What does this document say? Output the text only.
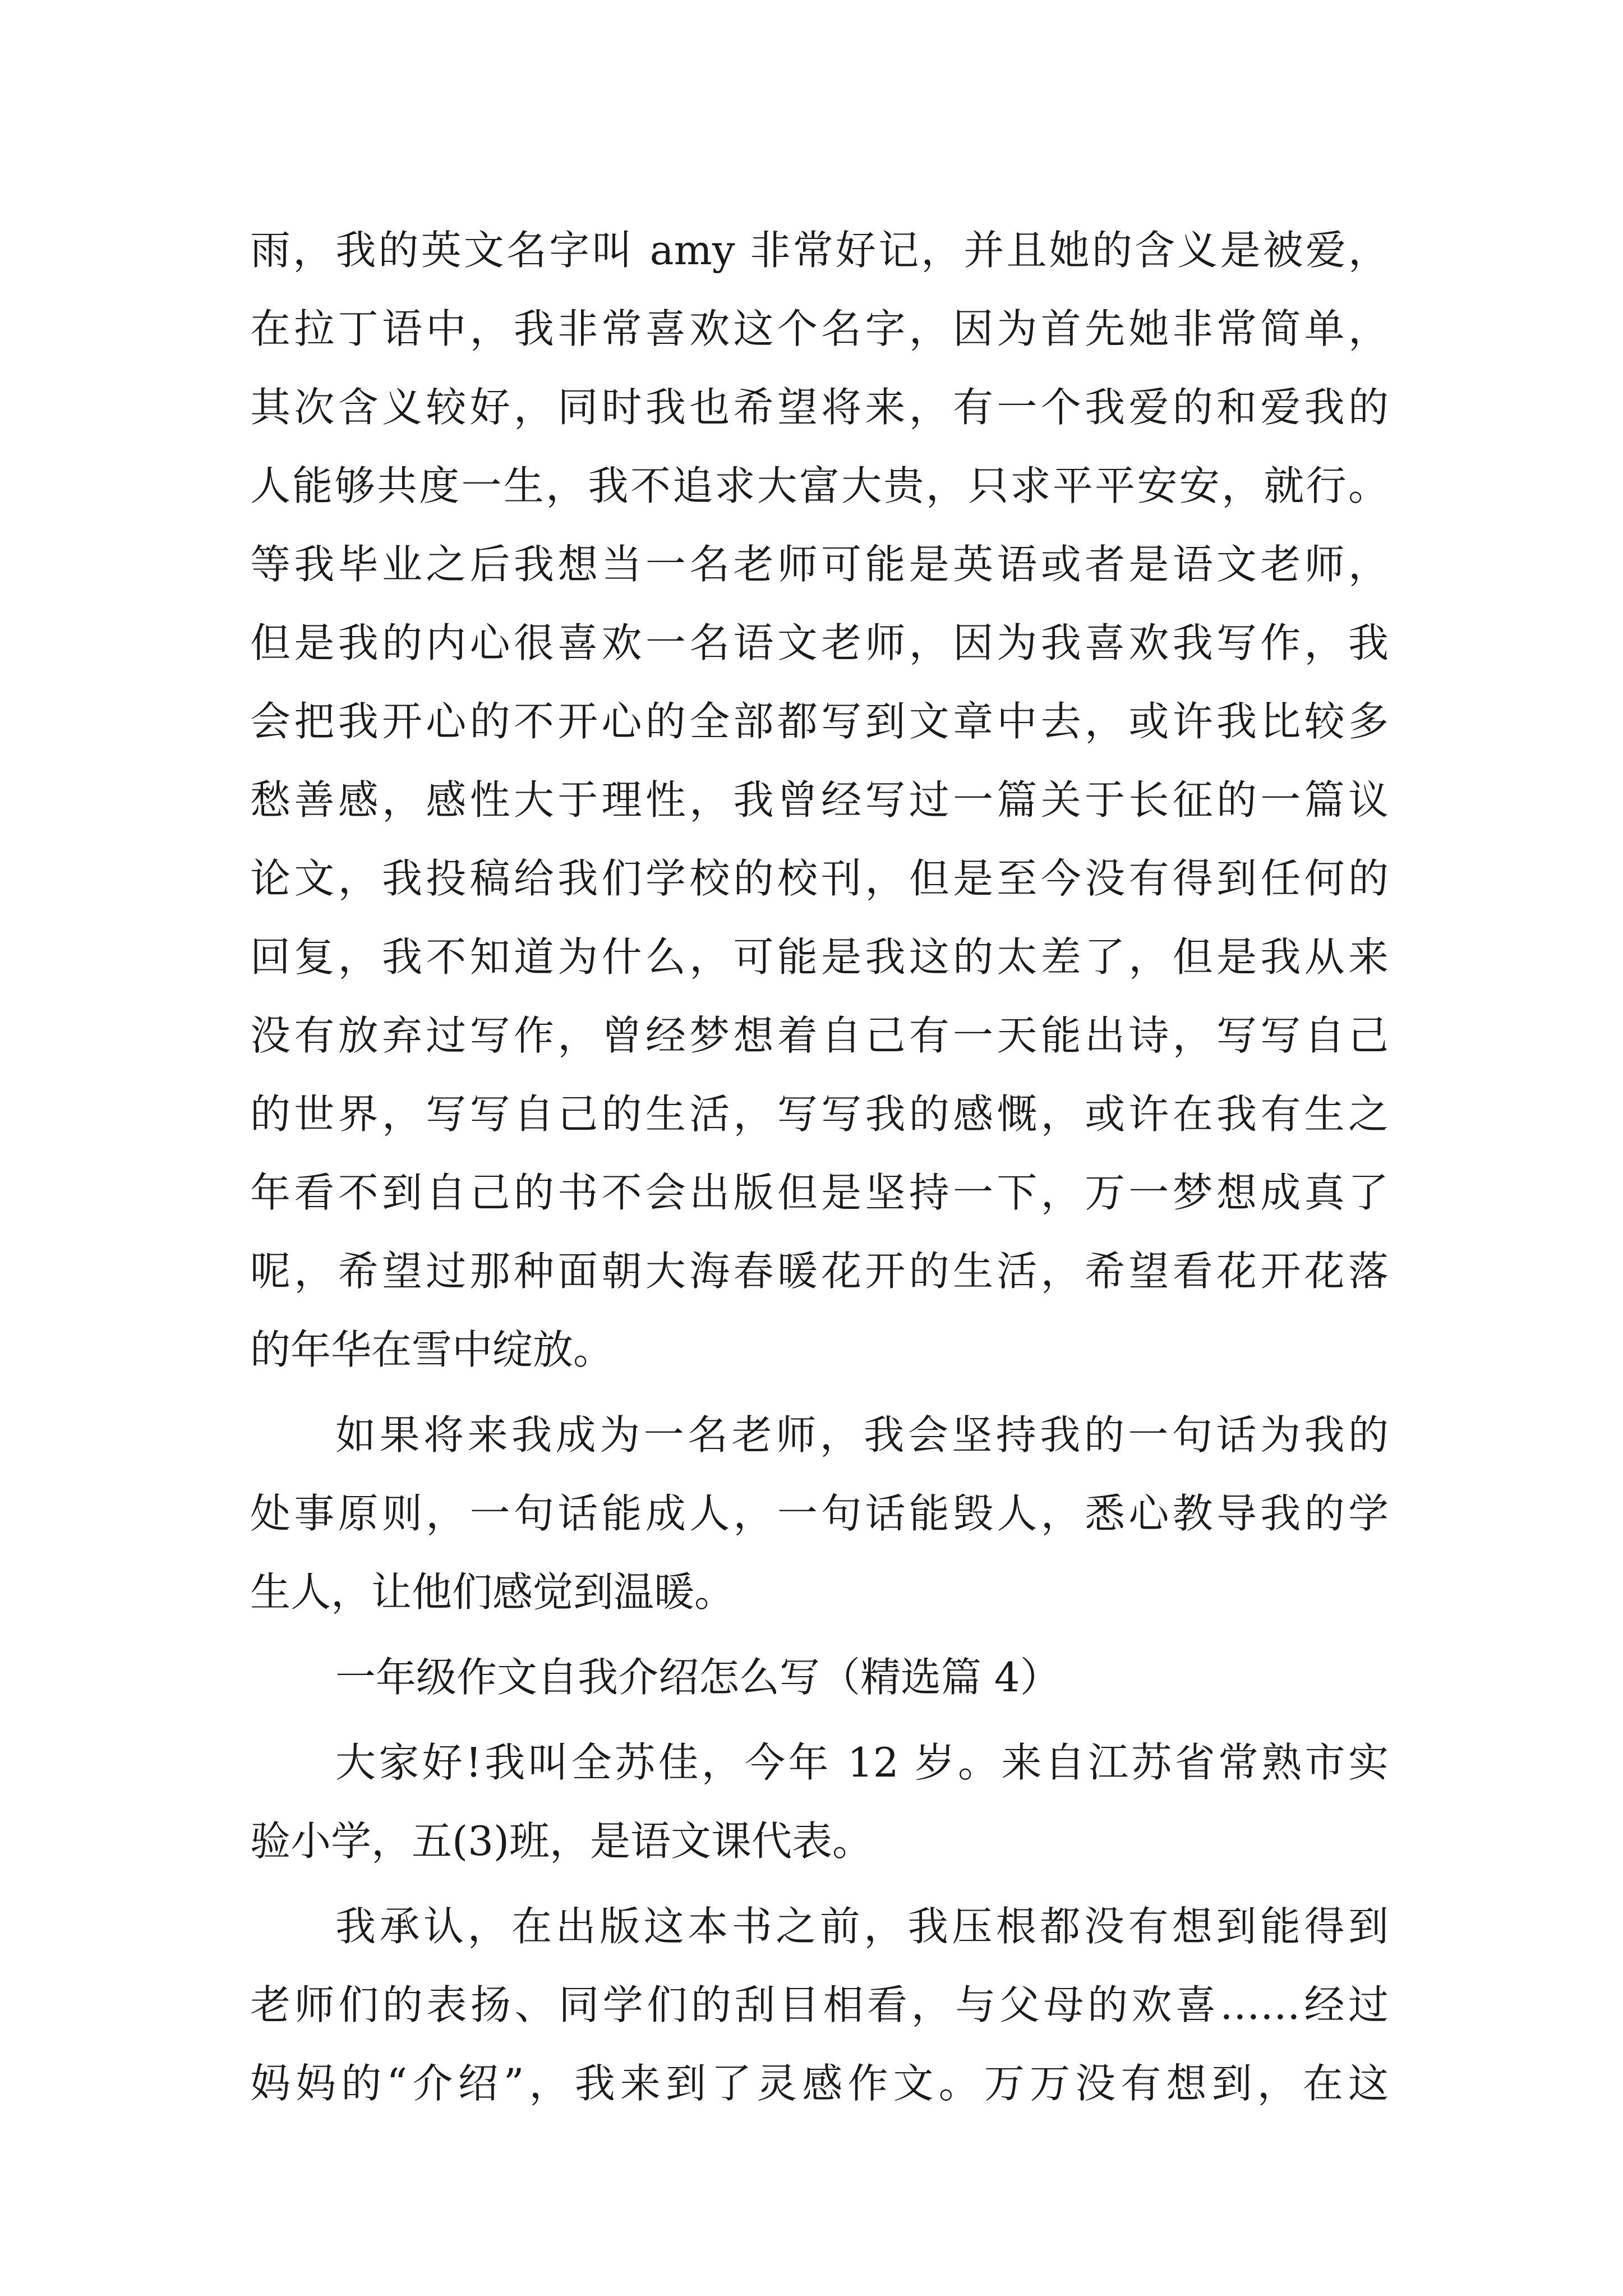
雨，我的英文名字叫 amy 非常好记，并且她的含义是被爱，
在拉丁语中，我非常喜欢这个名字，因为首先她非常简单，
其次含义较好，同时我也希望将来，有一个我爱的和爱我的
人能够共度一生，我不追求大富大贵，只求平平安安，就行。
等我毕业之后我想当一名老师可能是英语或者是语文老师，
但是我的内心很喜欢一名语文老师，因为我喜欢我写作，我
会把我开心的不开心的全部都写到文章中去，或许我比较多
愁善感，感性大于理性，我曾经写过一篇关于长征的一篇议
论文，我投稿给我们学校的校刊，但是至今没有得到任何的
回复，我不知道为什么，可能是我这的太差了，但是我从来
没有放弃过写作，曾经梦想着自己有一天能出诗，写写自己
的世界，写写自己的生活，写写我的感慨，或许在我有生之
年看不到自己的书不会出版但是坚持一下，万一梦想成真了
呢，希望过那种面朝大海春暖花开的生活，希望看花开花落
的年华在雪中绽放。
如果将来我成为一名老师，我会坚持我的一句话为我的
处事原则，一句话能成人，一句话能毁人，悉心教导我的学
生人，让他们感觉到温暖。
一年级作文自我介绍怎么写（精选篇 4）
大家好!我叫全苏佳，今年 12 岁。来自江苏省常熟市实
验小学，五(3)班，是语文课代表。
我承认，在出版这本书之前，我压根都没有想到能得到
老师们的表扬、同学们的刮目相看，与父母的欢喜……经过
妈妈的“介绍”，我来到了灵感作文。万万没有想到，在这
